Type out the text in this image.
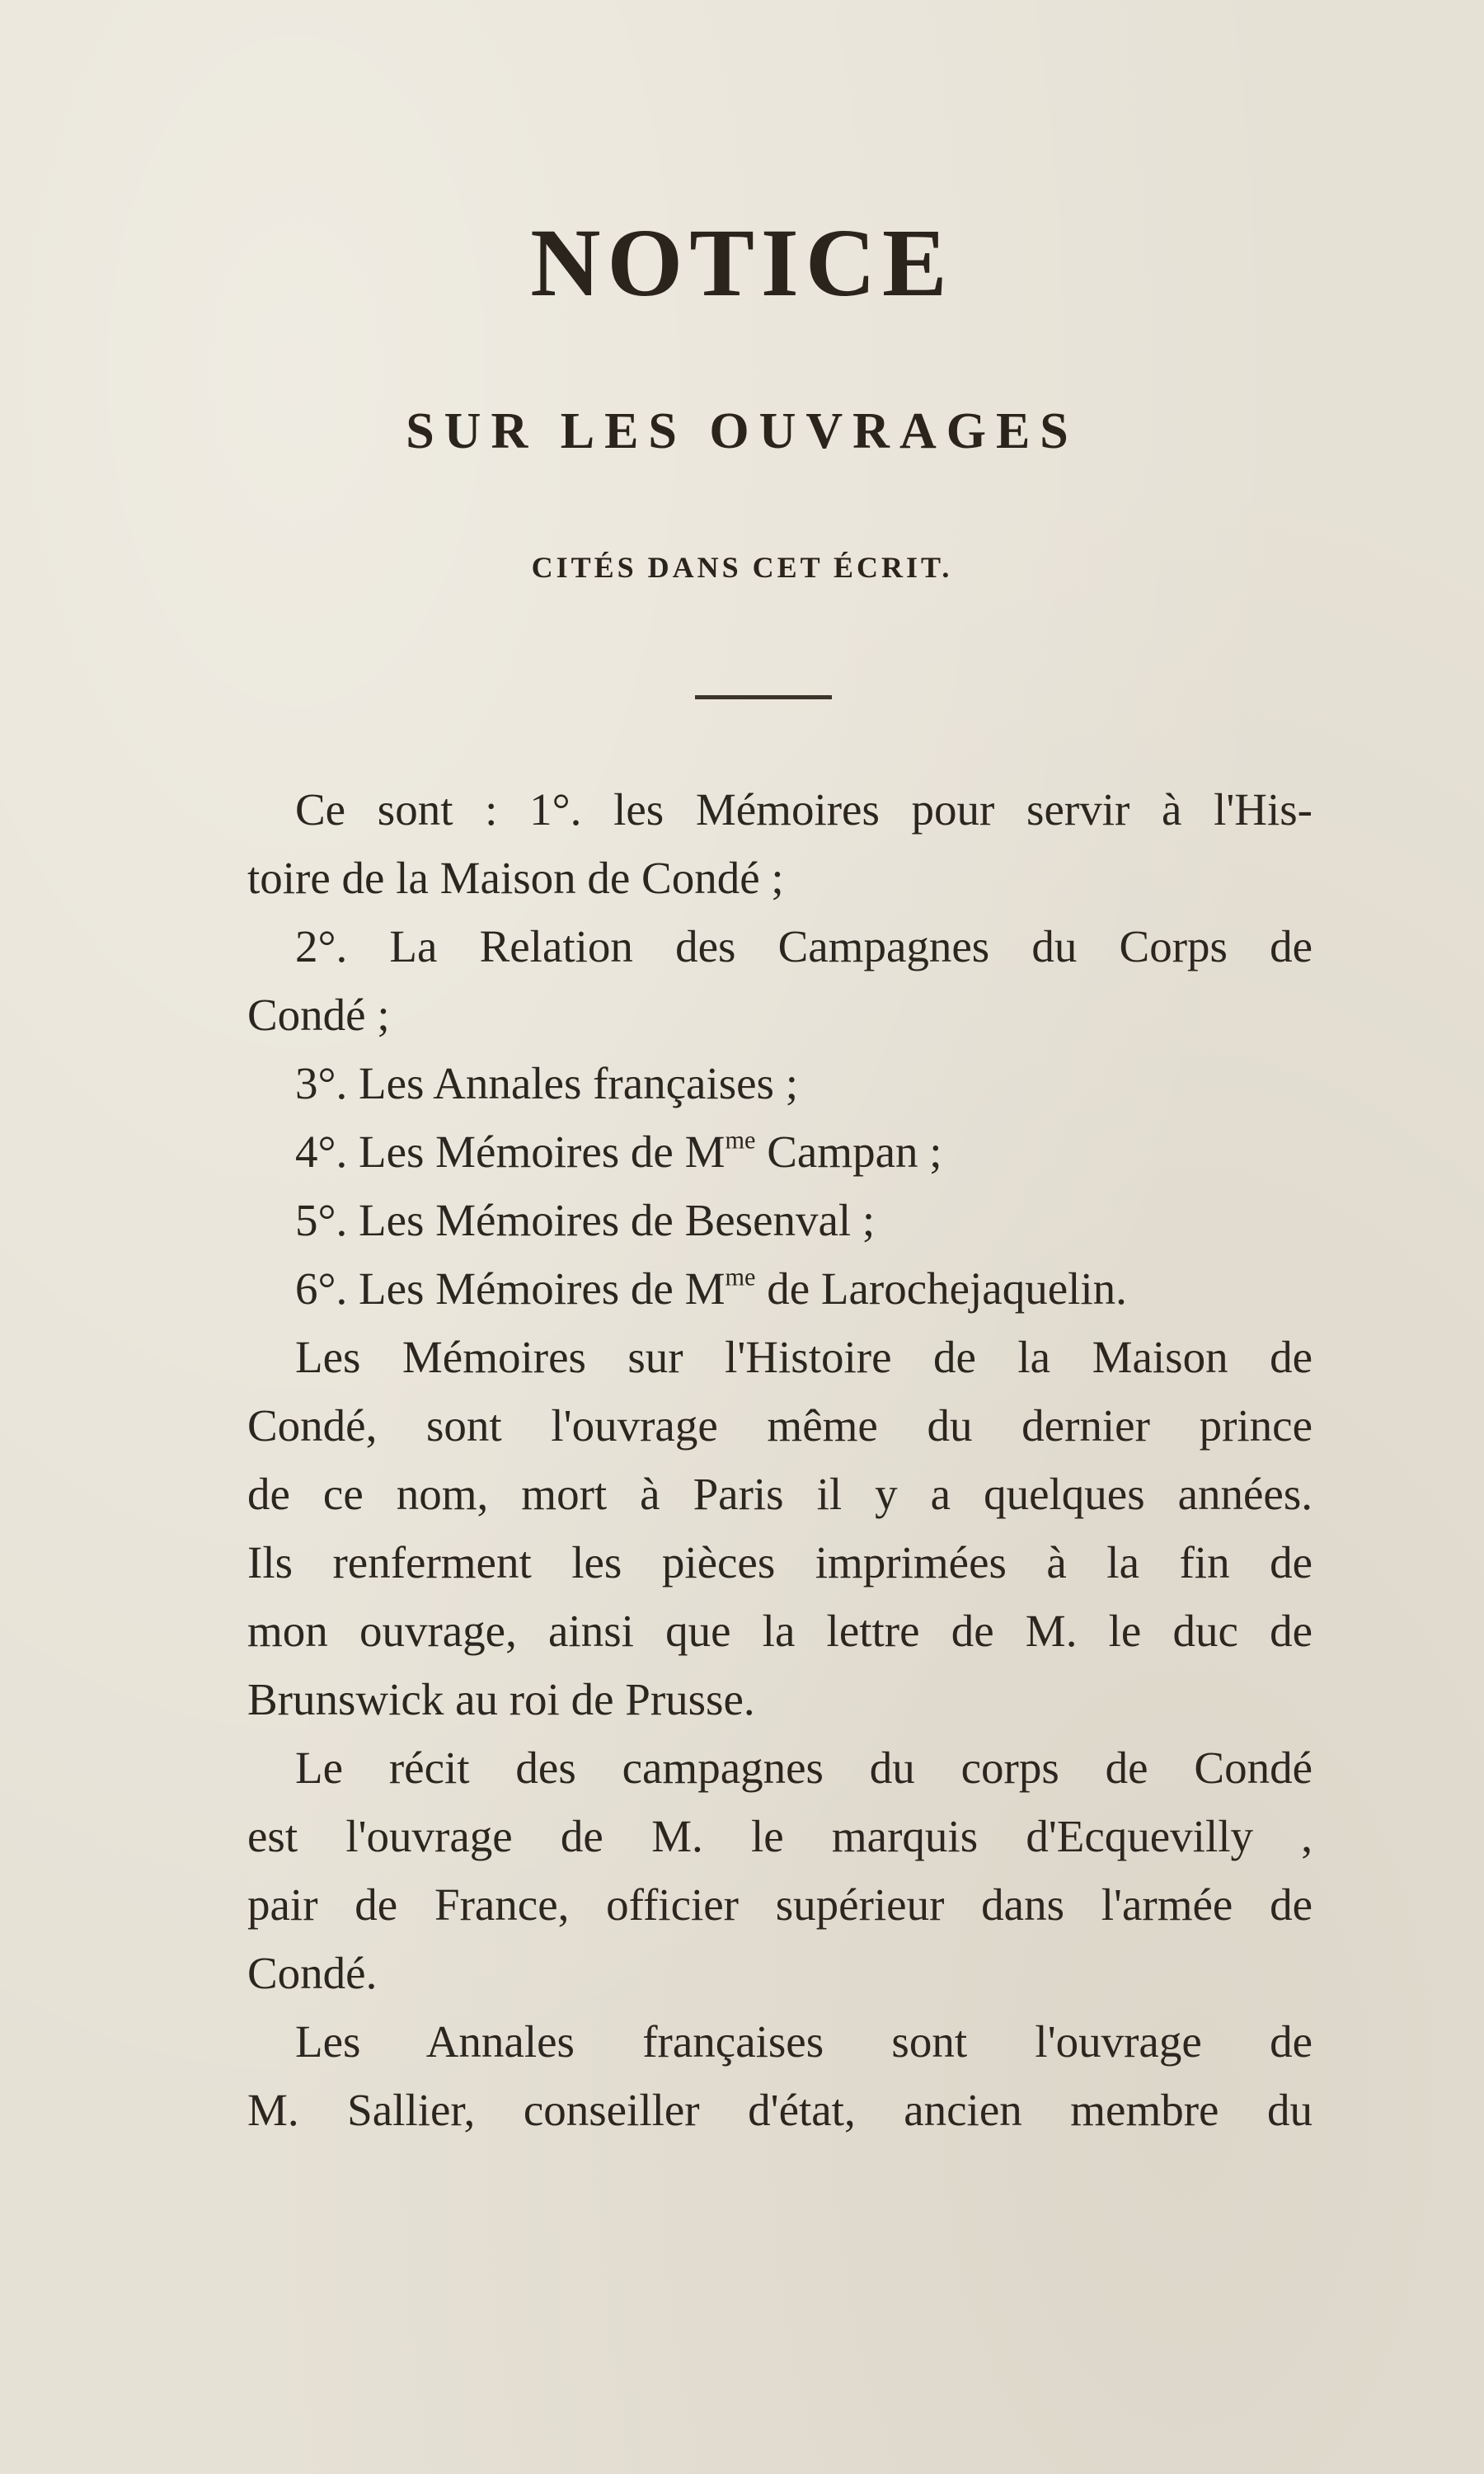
NOTICE
SUR LES OUVRAGES
CITÉS DANS CET ÉCRIT.
Ce sont : 1°. les Mémoires pour servir à l'His-
toire de la Maison de Condé ;
2°. La Relation des Campagnes du Corps de
Condé ;
3°. Les Annales françaises ;
4°. Les Mémoires de $M^{me}$ Campan ;
5°. Les Mémoires de Besenval ;
6°. Les Mémoires de $M^{me}$ de Larochejaquelin.
Les Mémoires sur l'Histoire de la Maison de
Condé, sont l'ouvrage même du dernier prince
de ce nom, mort à Paris il y a quelques années.
Ils renferment les pièces imprimées à la fin de
mon ouvrage, ainsi que la lettre de M. le duc de
Brunswick au roi de Prusse.
Le récit des campagnes du corps de Condé
est l'ouvrage de M. le marquis d'Ecquevilly ,
pair de France, officier supérieur dans l'armée de
Condé.
Les Annales françaises sont l'ouvrage de
M. Sallier, conseiller d'état, ancien membre du
